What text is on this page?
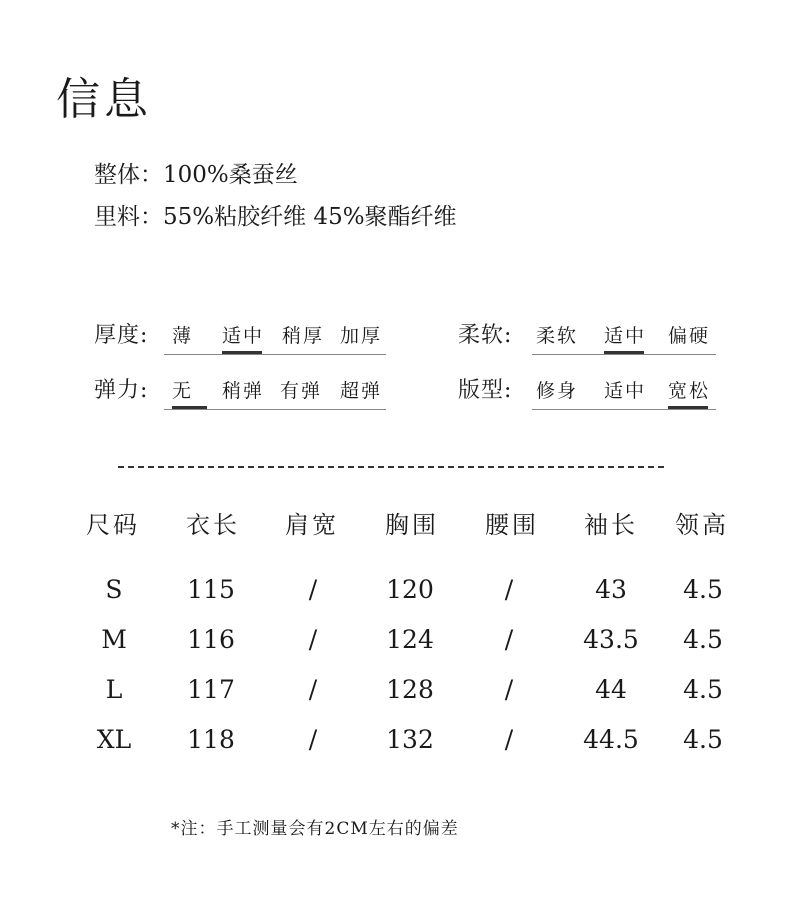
信息
整体：100%桑蚕丝
里料：55%粘胶纤维 45%聚酯纤维
厚度: 薄 适中 稍厚 加厚	柔软: 柔软 适中 偏硬
弹力: 无	稍弹 有弹 超弹	版型: 修身 适中 宽松
尺码 衣长 肩宽 胸围 腰围 袖长 领高
S	115	/	120	/	43	4.5
M	116	/	124	/	43.5	4.5
L	117	/	128	/	44	4.5
XL	118	/	132	/	44.5	4.5
*注：手工测量会有2CM左右的偏差
